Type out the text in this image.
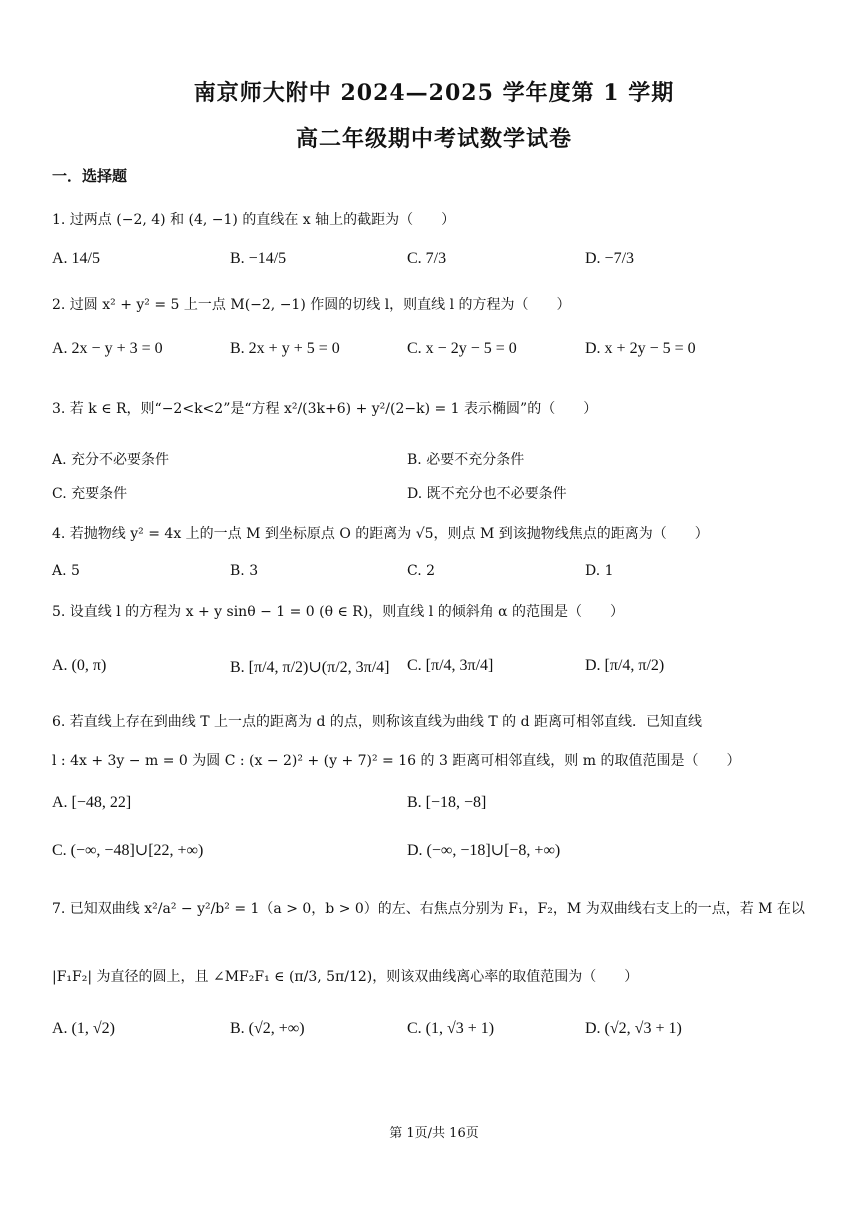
南京师大附中 2024—2025 学年度第 1 学期
高二年级期中考试数学试卷
一．选择题
1. 过两点 (−2, 4) 和 (4, −1) 的直线在 x 轴上的截距为（　　）
A. 14/5	B. −14/5	C. 7/3	D. −7/3
2. 过圆 x² + y² = 5 上一点 M(−2, −1) 作圆的切线 l，则直线 l 的方程为（　　）
A. 2x − y + 3 = 0	B. 2x + y + 5 = 0	C. x − 2y − 5 = 0	D. x + 2y − 5 = 0
3. 若 k ∈ R，则“−2<k<2”是“方程 x²/(3k+6) + y²/(2−k) = 1 表示椭圆”的（　　）
A. 充分不必要条件	B. 必要不充分条件
C. 充要条件	D. 既不充分也不必要条件
4. 若抛物线 y² = 4x 上的一点 M 到坐标原点 O 的距离为 √5，则点 M 到该抛物线焦点的距离为（　　）
A. 5	B. 3	C. 2	D. 1
5. 设直线 l 的方程为 x + y sinθ − 1 = 0 (θ ∈ R)，则直线 l 的倾斜角 α 的范围是（　　）
A. (0, π)	B. [π/4, π/2)∪(π/2, 3π/4] C. [π/4, 3π/4]	D. [π/4, π/2)
6. 若直线上存在到曲线 T 上一点的距离为 d 的点，则称该直线为曲线 T 的 d 距离可相邻直线．已知直线
l : 4x + 3y − m = 0 为圆 C : (x − 2)² + (y + 7)² = 16 的 3 距离可相邻直线，则 m 的取值范围是（　　）
A. [−48, 22]	B. [−18, −8]
C. (−∞, −48]∪[22, +∞)	D. (−∞, −18]∪[−8, +∞)
7. 已知双曲线 x²/a² − y²/b² = 1（a > 0，b > 0）的左、右焦点分别为 F₁，F₂，M 为双曲线右支上的一点，若 M 在以
|F₁F₂| 为直径的圆上，且 ∠MF₂F₁ ∈ (π/3, 5π/12)，则该双曲线离心率的取值范围为（　　）
A. (1, √2)	B. (√2, +∞)	C. (1, √3 + 1)	D. (√2, √3 + 1)
第 1页/共 16页
